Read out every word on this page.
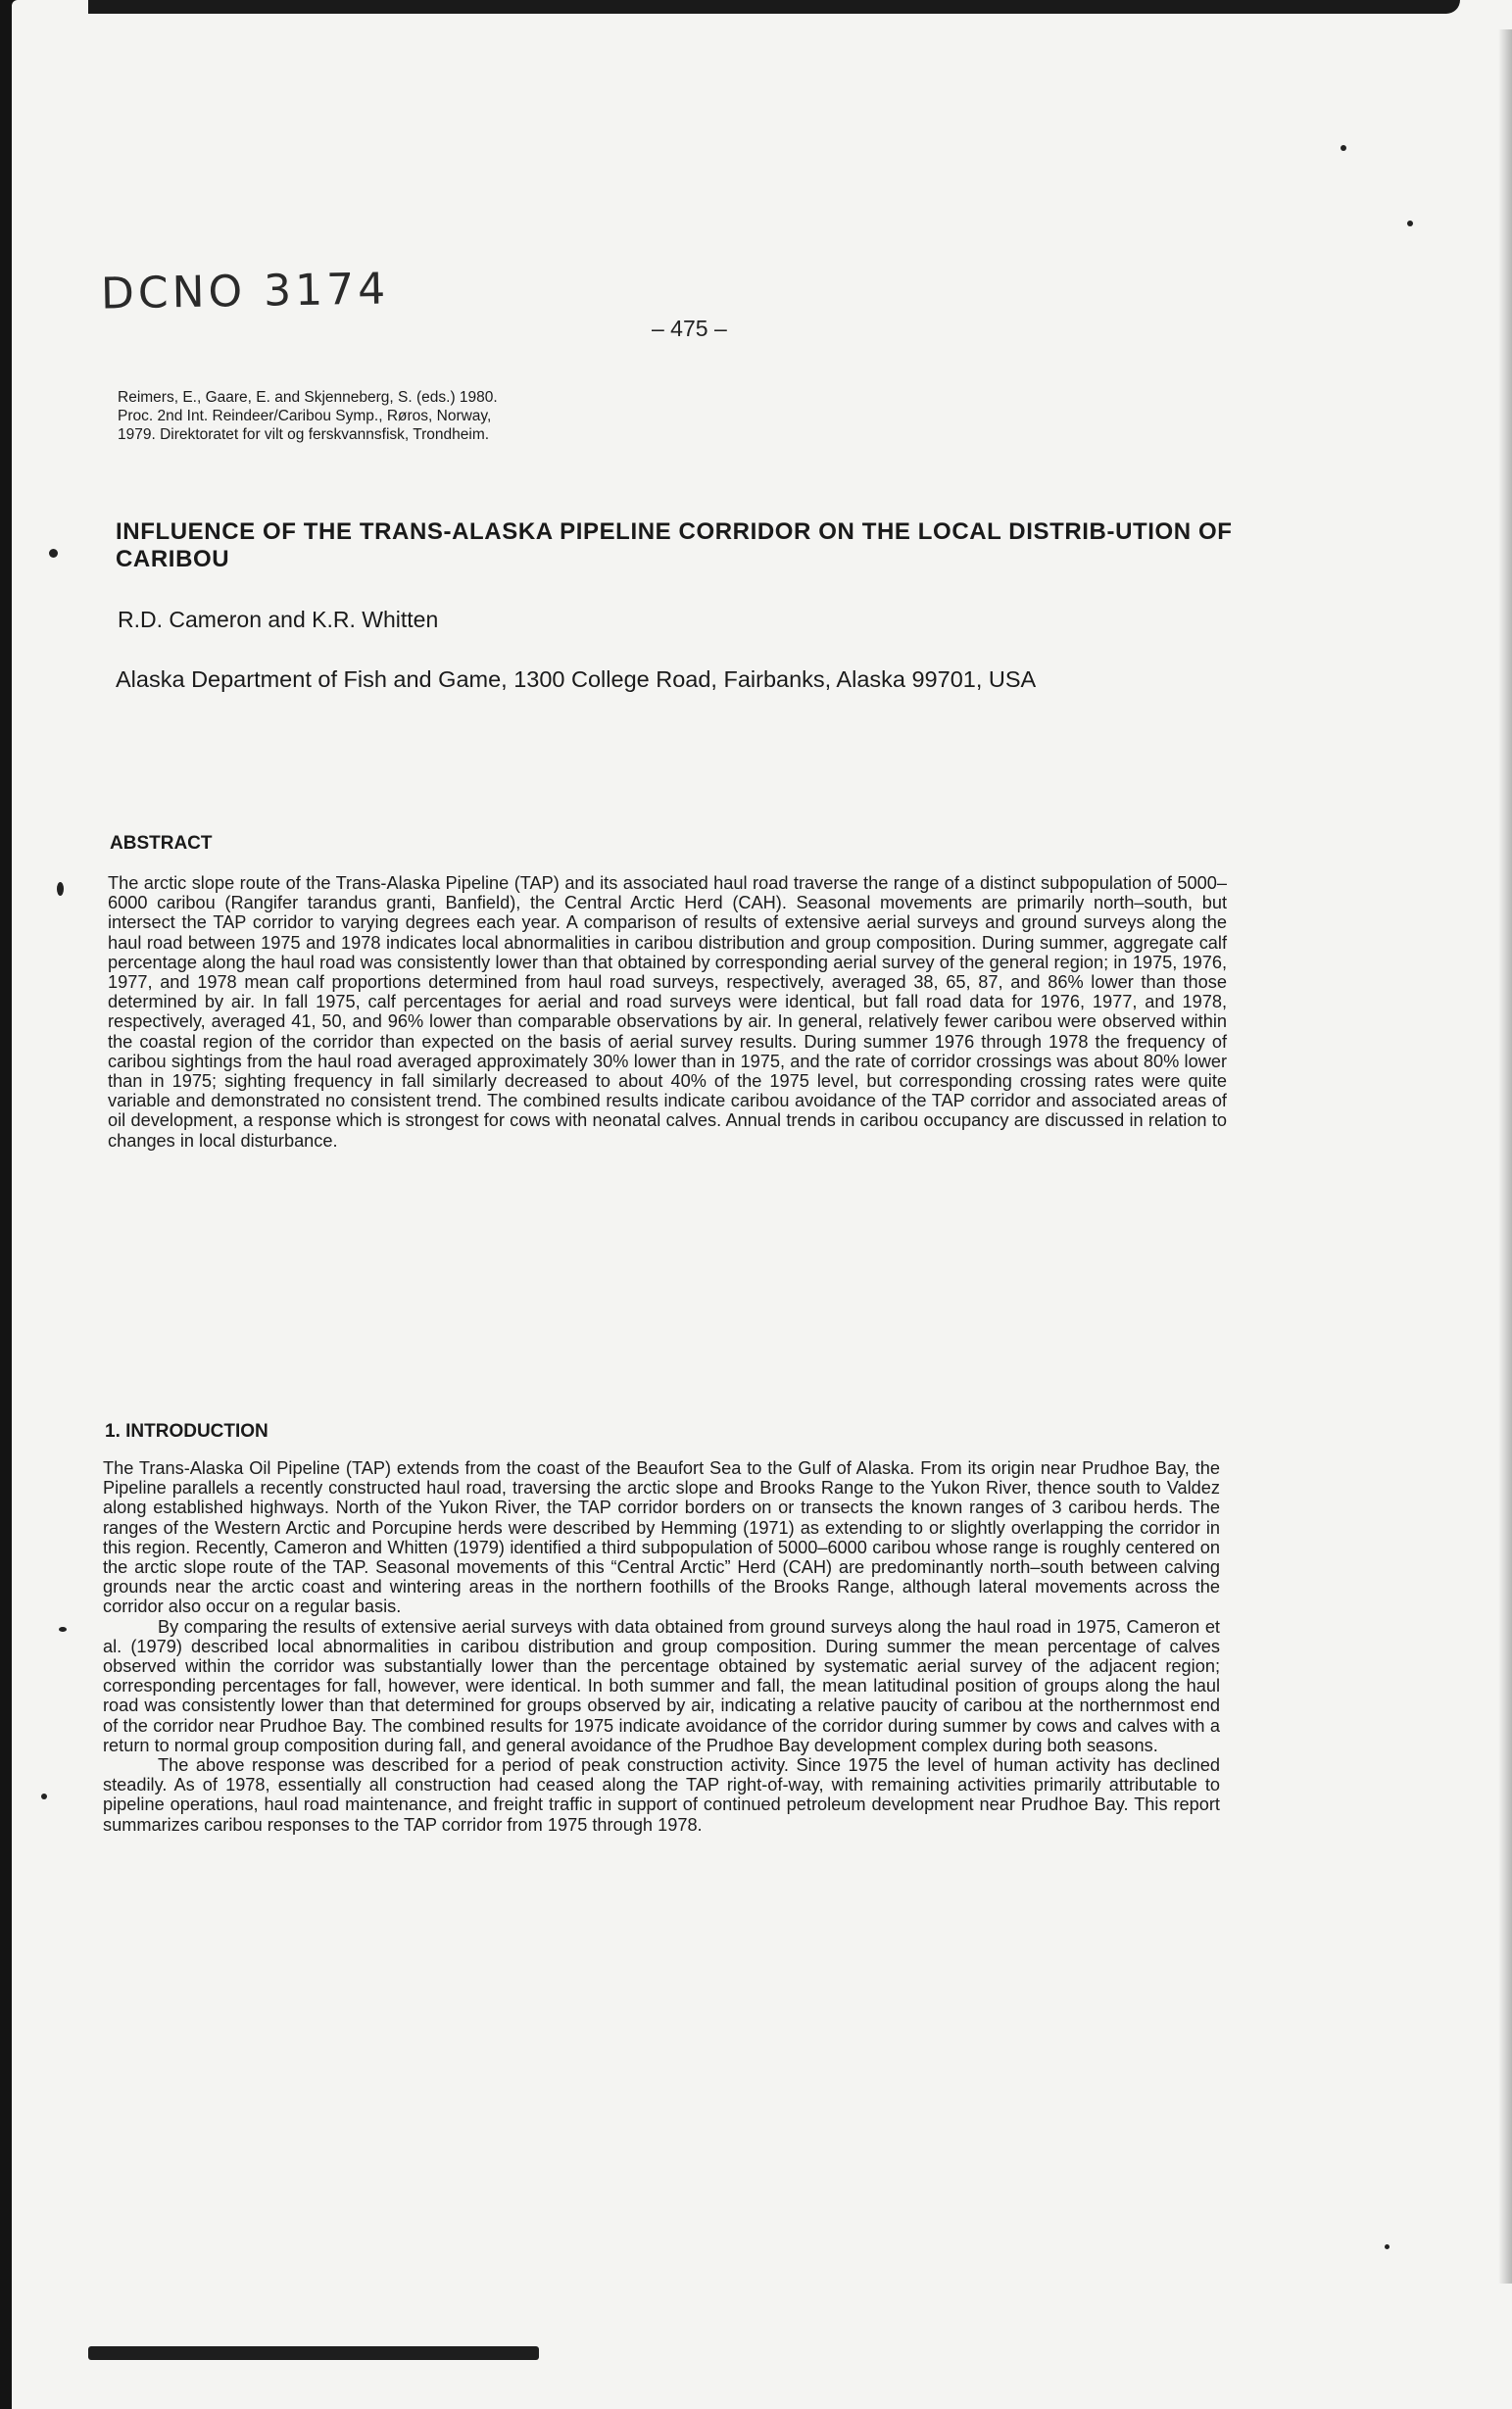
DCNO 3174
– 475 –
Reimers, E., Gaare, E. and Skjenneberg, S. (eds.) 1980.
Proc. 2nd Int. Reindeer/Caribou Symp., Røros, Norway,
1979. Direktoratet for vilt og ferskvannsfisk, Trondheim.
INFLUENCE OF THE TRANS-ALASKA PIPELINE CORRIDOR ON THE LOCAL DISTRIB-UTION OF CARIBOU
R.D. Cameron and K.R. Whitten
Alaska Department of Fish and Game, 1300 College Road, Fairbanks, Alaska 99701, USA
ABSTRACT

The arctic slope route of the Trans-Alaska Pipeline (TAP) and its associated haul road traverse the range of a distinct subpopulation of 5000–6000 caribou (Rangifer tarandus granti, Banfield), the Central Arctic Herd (CAH). Seasonal movements are primarily north–south, but intersect the TAP corridor to varying degrees each year. A comparison of results of extensive aerial surveys and ground surveys along the haul road between 1975 and 1978 indicates local abnormalities in caribou distribution and group composition. During summer, aggregate calf percentage along the haul road was consistently lower than that obtained by corresponding aerial survey of the general region; in 1975, 1976, 1977, and 1978 mean calf proportions determined from haul road surveys, respectively, averaged 38, 65, 87, and 86% lower than those determined by air. In fall 1975, calf percentages for aerial and road surveys were identical, but fall road data for 1976, 1977, and 1978, respectively, averaged 41, 50, and 96% lower than comparable observations by air. In general, relatively fewer caribou were observed within the coastal region of the corridor than expected on the basis of aerial survey results. During summer 1976 through 1978 the frequency of caribou sightings from the haul road averaged approximately 30% lower than in 1975, and the rate of corridor crossings was about 80% lower than in 1975; sighting frequency in fall similarly decreased to about 40% of the 1975 level, but corresponding crossing rates were quite variable and demonstrated no consistent trend. The combined results indicate caribou avoidance of the TAP corridor and associated areas of oil development, a response which is strongest for cows with neonatal calves. Annual trends in caribou occupancy are discussed in relation to changes in local disturbance.

1. INTRODUCTION

The Trans-Alaska Oil Pipeline (TAP) extends from the coast of the Beaufort Sea to the Gulf of Alaska. From its origin near Prudhoe Bay, the Pipeline parallels a recently constructed haul road, traversing the arctic slope and Brooks Range to the Yukon River, thence south to Valdez along established highways. North of the Yukon River, the TAP corridor borders on or transects the known ranges of 3 caribou herds. The ranges of the Western Arctic and Porcupine herds were described by Hemming (1971) as extending to or slightly overlapping the corridor in this region. Recently, Cameron and Whitten (1979) identified a third subpopulation of 5000–6000 caribou whose range is roughly centered on the arctic slope route of the TAP. Seasonal movements of this “Central Arctic” Herd (CAH) are predominantly north–south between calving grounds near the arctic coast and wintering areas in the northern foothills of the Brooks Range, although lateral movements across the corridor also occur on a regular basis.

By comparing the results of extensive aerial surveys with data obtained from ground surveys along the haul road in 1975, Cameron et al. (1979) described local abnormalities in caribou distribution and group composition. During summer the mean percentage of calves observed within the corridor was substantially lower than the percentage obtained by systematic aerial survey of the adjacent region; corresponding percentages for fall, however, were identical. In both summer and fall, the mean latitudinal position of groups along the haul road was consistently lower than that determined for groups observed by air, indicating a relative paucity of caribou at the northernmost end of the corridor near Prudhoe Bay. The combined results for 1975 indicate avoidance of the corridor during summer by cows and calves with a return to normal group composition during fall, and general avoidance of the Prudhoe Bay development complex during both seasons.

The above response was described for a period of peak construction activity. Since 1975 the level of human activity has declined steadily. As of 1978, essentially all construction had ceased along the TAP right-of-way, with remaining activities primarily attributable to pipeline operations, haul road maintenance, and freight traffic in support of continued petroleum development near Prudhoe Bay. This report summarizes caribou responses to the TAP corridor from 1975 through 1978.
